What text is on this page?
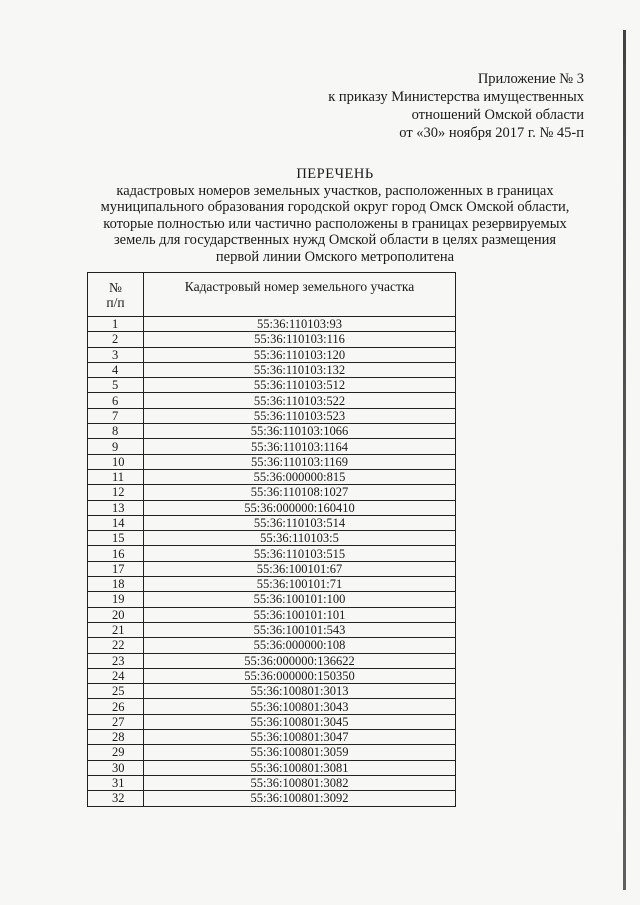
Приложение № 3
к приказу Министерства имущественных
отношений Омской области
от «30» ноября 2017 г. № 45-п
ПЕРЕЧЕНЬ
кадастровых номеров земельных участков, расположенных в границах
муниципального образования городской округ город Омск Омской области,
которые полностью или частично расположены в границах резервируемых
земель для государственных нужд Омской области в целях размещения
первой линии Омского метрополитена
№
п/п	Кадастровый номер земельного участка
1	55:36:110103:93
2	55:36:110103:116
3	55:36:110103:120
4	55:36:110103:132
5	55:36:110103:512
6	55:36:110103:522
7	55:36:110103:523
8	55:36:110103:1066
9	55:36:110103:1164
10	55:36:110103:1169
11	55:36:000000:815
12	55:36:110108:1027
13	55:36:000000:160410
14	55:36:110103:514
15	55:36:110103:5
16	55:36:110103:515
17	55:36:100101:67
18	55:36:100101:71
19	55:36:100101:100
20	55:36:100101:101
21	55:36:100101:543
22	55:36:000000:108
23	55:36:000000:136622
24	55:36:000000:150350
25	55:36:100801:3013
26	55:36:100801:3043
27	55:36:100801:3045
28	55:36:100801:3047
29	55:36:100801:3059
30	55:36:100801:3081
31	55:36:100801:3082
32	55:36:100801:3092
